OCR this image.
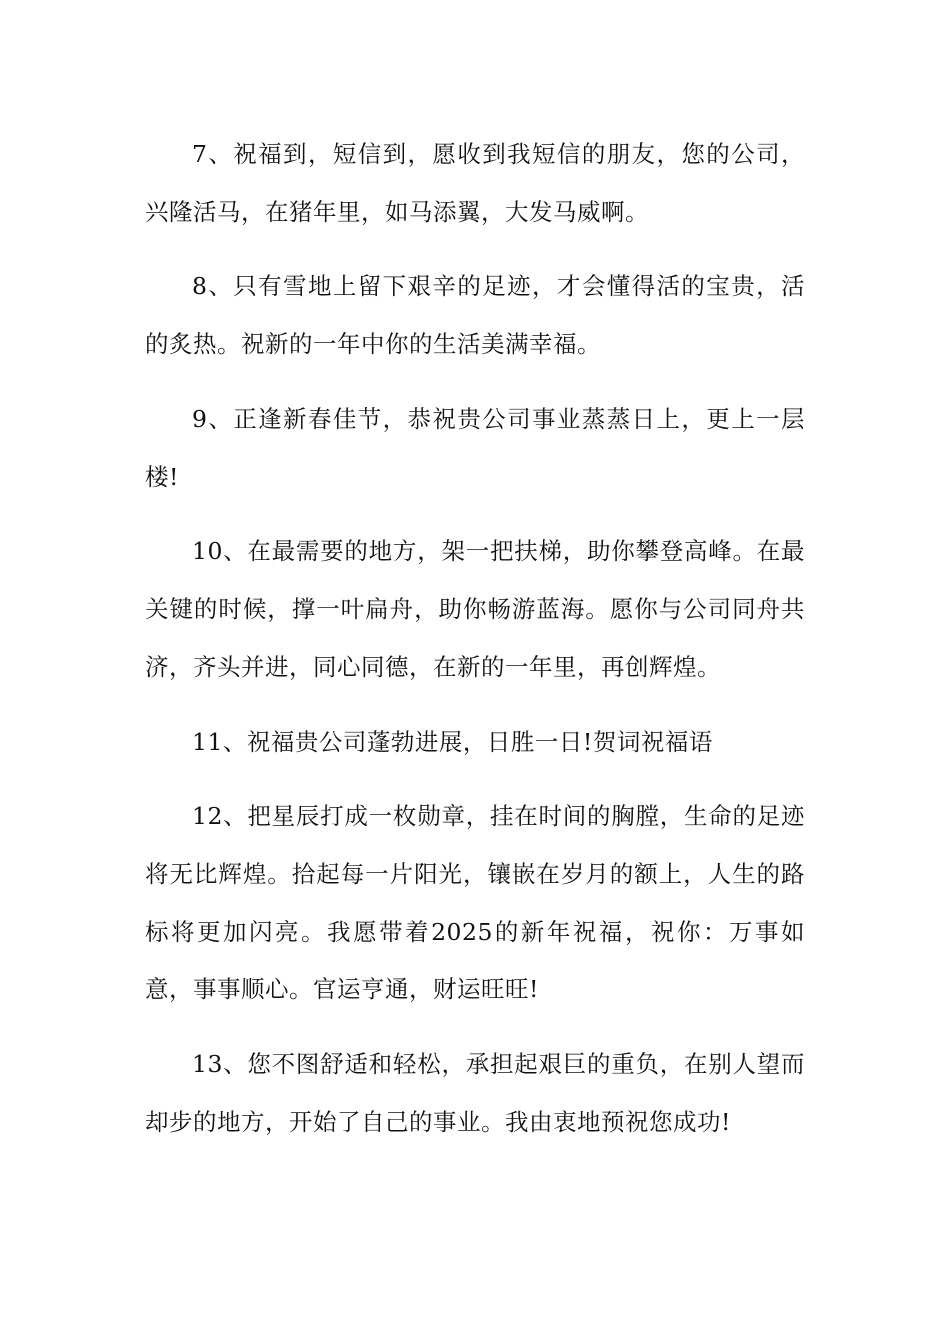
7、祝福到，短信到，愿收到我短信的朋友，您的公司，兴隆活马，在猪年里，如马添翼，大发马威啊。

8、只有雪地上留下艰辛的足迹，才会懂得活的宝贵，活的炙热。祝新的一年中你的生活美满幸福。

9、正逢新春佳节，恭祝贵公司事业蒸蒸日上，更上一层楼!

10、在最需要的地方，架一把扶梯，助你攀登高峰。在最关键的时候，撑一叶扁舟，助你畅游蓝海。愿你与公司同舟共济，齐头并进，同心同德，在新的一年里，再创辉煌。

11、祝福贵公司蓬勃进展，日胜一日!贺词祝福语

12、把星辰打成一枚勋章，挂在时间的胸膛，生命的足迹将无比辉煌。拾起每一片阳光，镶嵌在岁月的额上，人生的路标将更加闪亮。我愿带着2025的新年祝福，祝你：万事如意，事事顺心。官运亨通，财运旺旺!

13、您不图舒适和轻松，承担起艰巨的重负，在别人望而却步的地方，开始了自己的事业。我由衷地预祝您成功!
